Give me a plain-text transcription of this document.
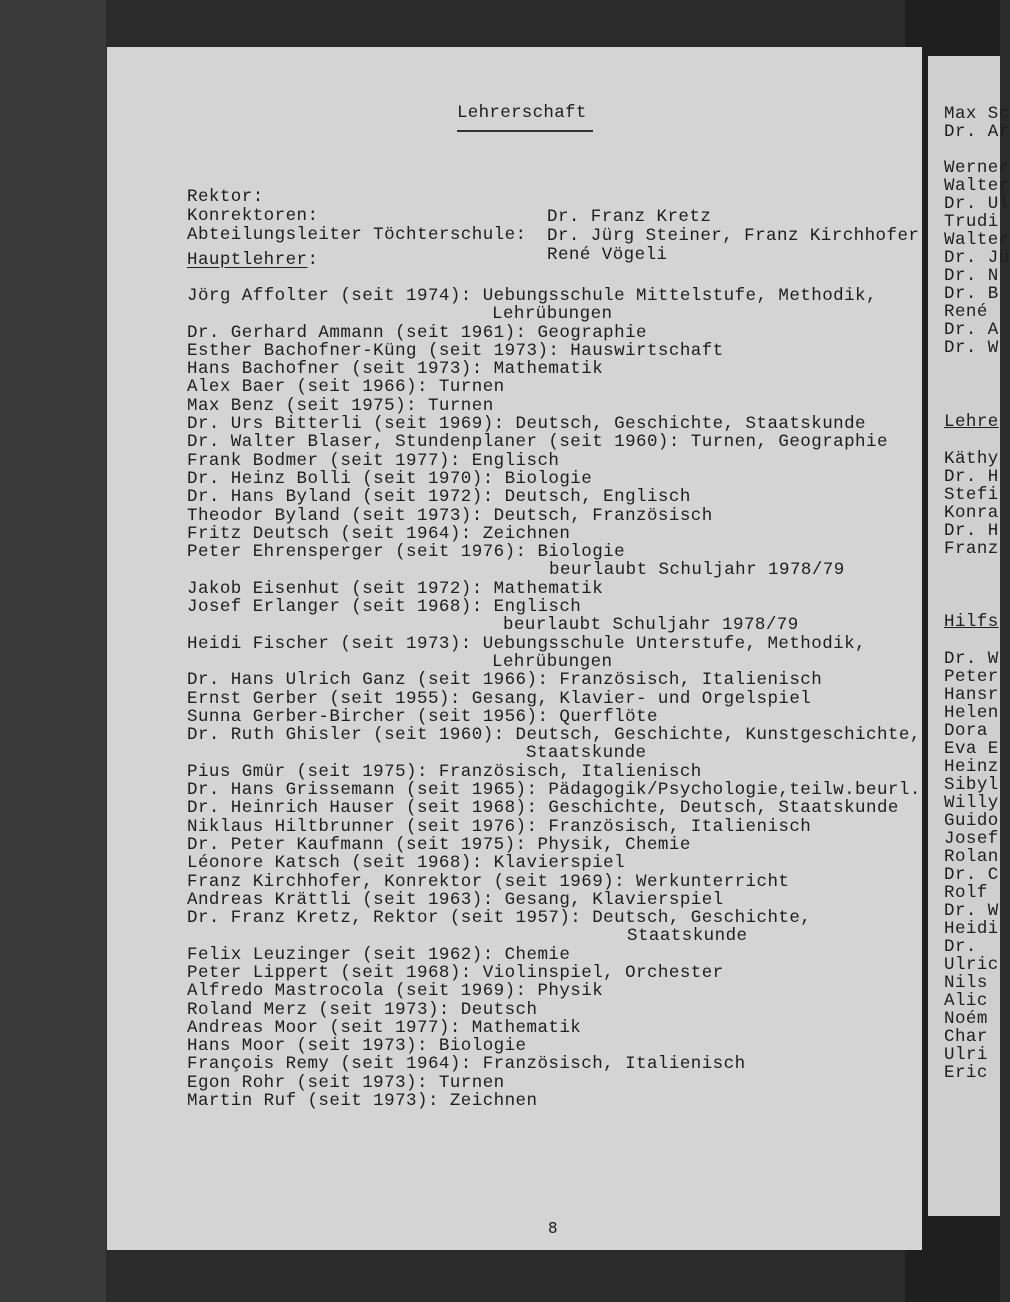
Max Sc
Dr. Ar
Werner
Walter
Dr. Ul
Trudi
Walter
Dr. Jü
Dr. N
Dr. B
René
Dr. A
Dr. W
Lehre
Käthy
Dr. H
Stefi
Konra
Dr. H
Franz
Hilfs
Dr. W
Peter
Hansr
Helen
Dora
Eva E
Heinz
Sibyl
Willy
Guido
Josef
Rolan
Dr. C
Rolf
Dr. W
Heidi
Dr.
Ulric
Nils
Alic
Noém
Char
Ulri
Eric
Lehrerschaft

Rektor:

Dr. Franz Kretz

Konrektoren:

Dr. Jürg Steiner, Franz Kirchhofer

Abteilungsleiter Töchterschule:

René Vögeli

Hauptlehrer:
Jörg Affolter (seit 1974): Uebungsschule Mittelstufe, Methodik,
Lehrübungen
Dr. Gerhard Ammann (seit 1961): Geographie
Esther Bachofner-Küng (seit 1973): Hauswirtschaft
Hans Bachofner (seit 1973): Mathematik
Alex Baer (seit 1966): Turnen
Max Benz (seit 1975): Turnen
Dr. Urs Bitterli (seit 1969): Deutsch, Geschichte, Staatskunde
Dr. Walter Blaser, Stundenplaner (seit 1960): Turnen, Geographie
Frank Bodmer (seit 1977): Englisch
Dr. Heinz Bolli (seit 1970): Biologie
Dr. Hans Byland (seit 1972): Deutsch, Englisch
Theodor Byland (seit 1973): Deutsch, Französisch
Fritz Deutsch (seit 1964): Zeichnen
Peter Ehrensperger (seit 1976): Biologie
beurlaubt Schuljahr 1978/79
Jakob Eisenhut (seit 1972): Mathematik
Josef Erlanger (seit 1968): Englisch
beurlaubt Schuljahr 1978/79
Heidi Fischer (seit 1973): Uebungsschule Unterstufe, Methodik,
Lehrübungen
Dr. Hans Ulrich Ganz (seit 1966): Französisch, Italienisch
Ernst Gerber (seit 1955): Gesang, Klavier- und Orgelspiel
Sunna Gerber-Bircher (seit 1956): Querflöte
Dr. Ruth Ghisler (seit 1960): Deutsch, Geschichte, Kunstgeschichte,
Staatskunde
Pius Gmür (seit 1975): Französisch, Italienisch
Dr. Hans Grissemann (seit 1965): Pädagogik/Psychologie,teilw.beurl.
Dr. Heinrich Hauser (seit 1968): Geschichte, Deutsch, Staatskunde
Niklaus Hiltbrunner (seit 1976): Französisch, Italienisch
Dr. Peter Kaufmann (seit 1975): Physik, Chemie
Léonore Katsch (seit 1968): Klavierspiel
Franz Kirchhofer, Konrektor (seit 1969): Werkunterricht
Andreas Krättli (seit 1963): Gesang, Klavierspiel
Dr. Franz Kretz, Rektor (seit 1957): Deutsch, Geschichte,
Staatskunde
Felix Leuzinger (seit 1962): Chemie
Peter Lippert (seit 1968): Violinspiel, Orchester
Alfredo Mastrocola (seit 1969): Physik
Roland Merz (seit 1973): Deutsch
Andreas Moor (seit 1977): Mathematik
Hans Moor (seit 1973): Biologie
François Remy (seit 1964): Französisch, Italienisch
Egon Rohr (seit 1973): Turnen
Martin Ruf (seit 1973): Zeichnen
8
